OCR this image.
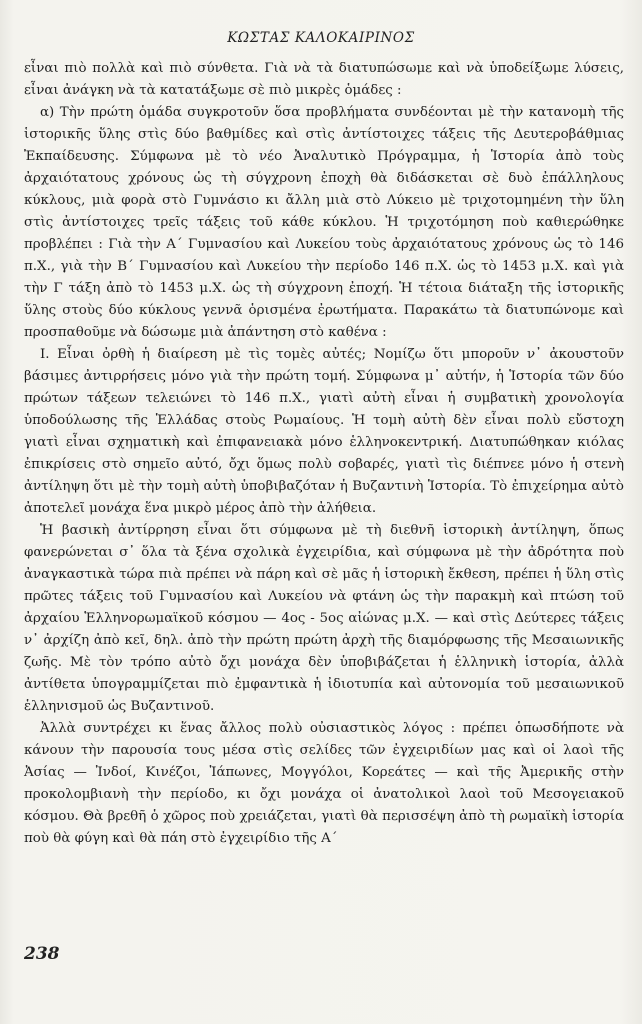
ΚΩΣΤΑΣ ΚΑΛΟΚΑΙΡΙΝΟΣ

εἶναι πιὸ πολλὰ καὶ πιὸ σύνθετα. Γιὰ νὰ τὰ διατυπώσωμε καὶ νὰ ὑποδείξωμε λύσεις, εἶναι ἀνάγκη νὰ τὰ κατατάξωμε σὲ πιὸ μικρὲς ὁμάδες :

α) Τὴν πρώτη ὁμάδα συγκροτοῦν ὅσα προβλήματα συνδέονται μὲ τὴν κατανομὴ τῆς ἱστορικῆς ὕλης στὶς δύο βαθμίδες καὶ στὶς ἀντίστοιχες τάξεις τῆς Δευτεροβάθμιας Ἐκπαίδευσης. Σύμφωνα μὲ τὸ νέο Ἀναλυτικὸ Πρόγραμμα, ἡ Ἱστορία ἀπὸ τοὺς ἀρχαιότατους χρόνους ὡς τὴ σύγχρονη ἐποχὴ θὰ διδάσκεται σὲ δυὸ ἐπάλληλους κύκλους, μιὰ φορὰ στὸ Γυμνάσιο κι ἄλλη μιὰ στὸ Λύκειο μὲ τριχοτομημένη τὴν ὕλη στὶς ἀντίστοιχες τρεῖς τάξεις τοῦ κάθε κύκλου. Ἡ τριχοτόμηση ποὺ καθιερώθηκε προβλέπει : Γιὰ τὴν Α΄ Γυμνασίου καὶ Λυκείου τοὺς ἀρχαιότατους χρόνους ὡς τὸ 146 π.Χ., γιὰ τὴν Β΄ Γυμνασίου καὶ Λυκείου τὴν περίοδο 146 π.Χ. ὡς τὸ 1453 μ.Χ. καὶ γιὰ τὴν Γ τάξη ἀπὸ τὸ 1453 μ.Χ. ὡς τὴ σύγχρονη ἐποχή. Ἡ τέτοια διάταξη τῆς ἱστορικῆς ὕλης στοὺς δύο κύκλους γεννᾶ ὁρισμένα ἐρωτήματα. Παρακάτω τὰ διατυπώνομε καὶ προσπαθοῦμε νὰ δώσωμε μιὰ ἀπάντηση στὸ καθένα :

I. Εἶναι ὀρθὴ ἡ διαίρεση μὲ τὶς τομὲς αὐτές; Νομίζω ὅτι μποροῦν ν᾿ ἀκουστοῦν βάσιμες ἀντιρρήσεις μόνο γιὰ τὴν πρώτη τομή. Σύμφωνα μ᾿ αὐτήν, ἡ Ἱστορία τῶν δύο πρώτων τάξεων τελειώνει τὸ 146 π.Χ., γιατὶ αὐτὴ εἶναι ἡ συμβατικὴ χρονολογία ὑποδούλωσης τῆς Ἑλλάδας στοὺς Ρωμαίους. Ἡ τομὴ αὐτὴ δὲν εἶναι πολὺ εὔστοχη γιατὶ εἶναι σχηματικὴ καὶ ἐπιφανειακὰ μόνο ἑλληνοκεντρική. Διατυπώθηκαν κιόλας ἐπικρίσεις στὸ σημεῖο αὐτό, ὄχι ὅμως πολὺ σοβαρές, γιατὶ τὶς διέπνεε μόνο ἡ στενὴ ἀντίληψη ὅτι μὲ τὴν τομὴ αὐτὴ ὑποβιβαζόταν ἡ Βυζαντινὴ Ἱστορία. Τὸ ἐπιχείρημα αὐτὸ ἀποτελεῖ μονάχα ἕνα μικρὸ μέρος ἀπὸ τὴν ἀλήθεια.

Ἡ βασικὴ ἀντίρρηση εἶναι ὅτι σύμφωνα μὲ τὴ διεθνῆ ἱστορικὴ ἀντίληψη, ὅπως φανερώνεται σ᾿ ὅλα τὰ ξένα σχολικὰ ἐγχειρίδια, καὶ σύμφωνα μὲ τὴν ἀδρότητα ποὺ ἀναγκαστικὰ τώρα πιὰ πρέπει νὰ πάρη καὶ σὲ μᾶς ἡ ἱστορικὴ ἔκθεση, πρέπει ἡ ὕλη στὶς πρῶτες τάξεις τοῦ Γυμνασίου καὶ Λυκείου νὰ φτάνη ὡς τὴν παρακμὴ καὶ πτώση τοῦ ἀρχαίου Ἑλληνορωμαϊκοῦ κόσμου — 4ος - 5ος αἰώνας μ.Χ. — καὶ στὶς Δεύτερες τάξεις ν᾿ ἀρχίζη ἀπὸ κεῖ, δηλ. ἀπὸ τὴν πρώτη πρώτη ἀρχὴ τῆς διαμόρφωσης τῆς Μεσαιωνικῆς ζωῆς. Μὲ τὸν τρόπο αὐτὸ ὄχι μονάχα δὲν ὑποβιβάζεται ἡ ἑλληνικὴ ἱστορία, ἀλλὰ ἀντίθετα ὑπογραμμίζεται πιὸ ἐμφαντικὰ ἡ ἰδιοτυπία καὶ αὐτονομία τοῦ μεσαιωνικοῦ ἑλληνισμοῦ ὡς Βυζαντινοῦ.

Ἀλλὰ συντρέχει κι ἕνας ἄλλος πολὺ οὐσιαστικὸς λόγος : πρέπει ὁπωσδήποτε νὰ κάνουν τὴν παρουσία τους μέσα στὶς σελίδες τῶν ἐγχειριδίων μας καὶ οἱ λαοὶ τῆς Ἀσίας — Ἰνδοί, Κινέζοι, Ἰάπωνες, Μογγόλοι, Κορεάτες — καὶ τῆς Ἀμερικῆς στὴν προκολομβιανὴ τὴν περίοδο, κι ὄχι μονάχα οἱ ἀνατολικοὶ λαοὶ τοῦ Μεσογειακοῦ κόσμου. Θὰ βρεθῆ ὁ χῶρος ποὺ χρειάζεται, γιατὶ θὰ περισσέψη ἀπὸ τὴ ρωμαϊκὴ ἱστορία ποὺ θὰ φύγη καὶ θὰ πάη στὸ ἐγχειρίδιο τῆς Α΄

238
